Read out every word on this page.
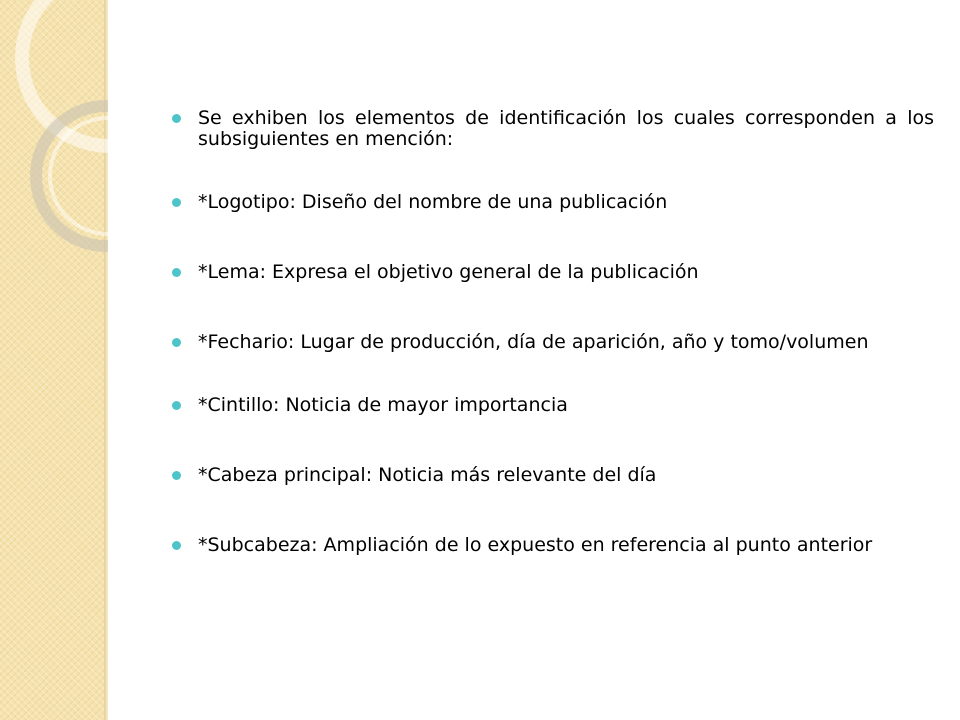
Se exhiben los elementos de identificación los cuales corresponden a los subsiguientes en mención:
*Logotipo: Diseño del nombre de una publicación
*Lema: Expresa el objetivo general de la publicación
*Fechario: Lugar de producción, día de aparición, año y tomo/volumen
*Cintillo: Noticia de mayor importancia
*Cabeza principal: Noticia más relevante del día
*Subcabeza: Ampliación de lo expuesto en referencia al punto anterior
